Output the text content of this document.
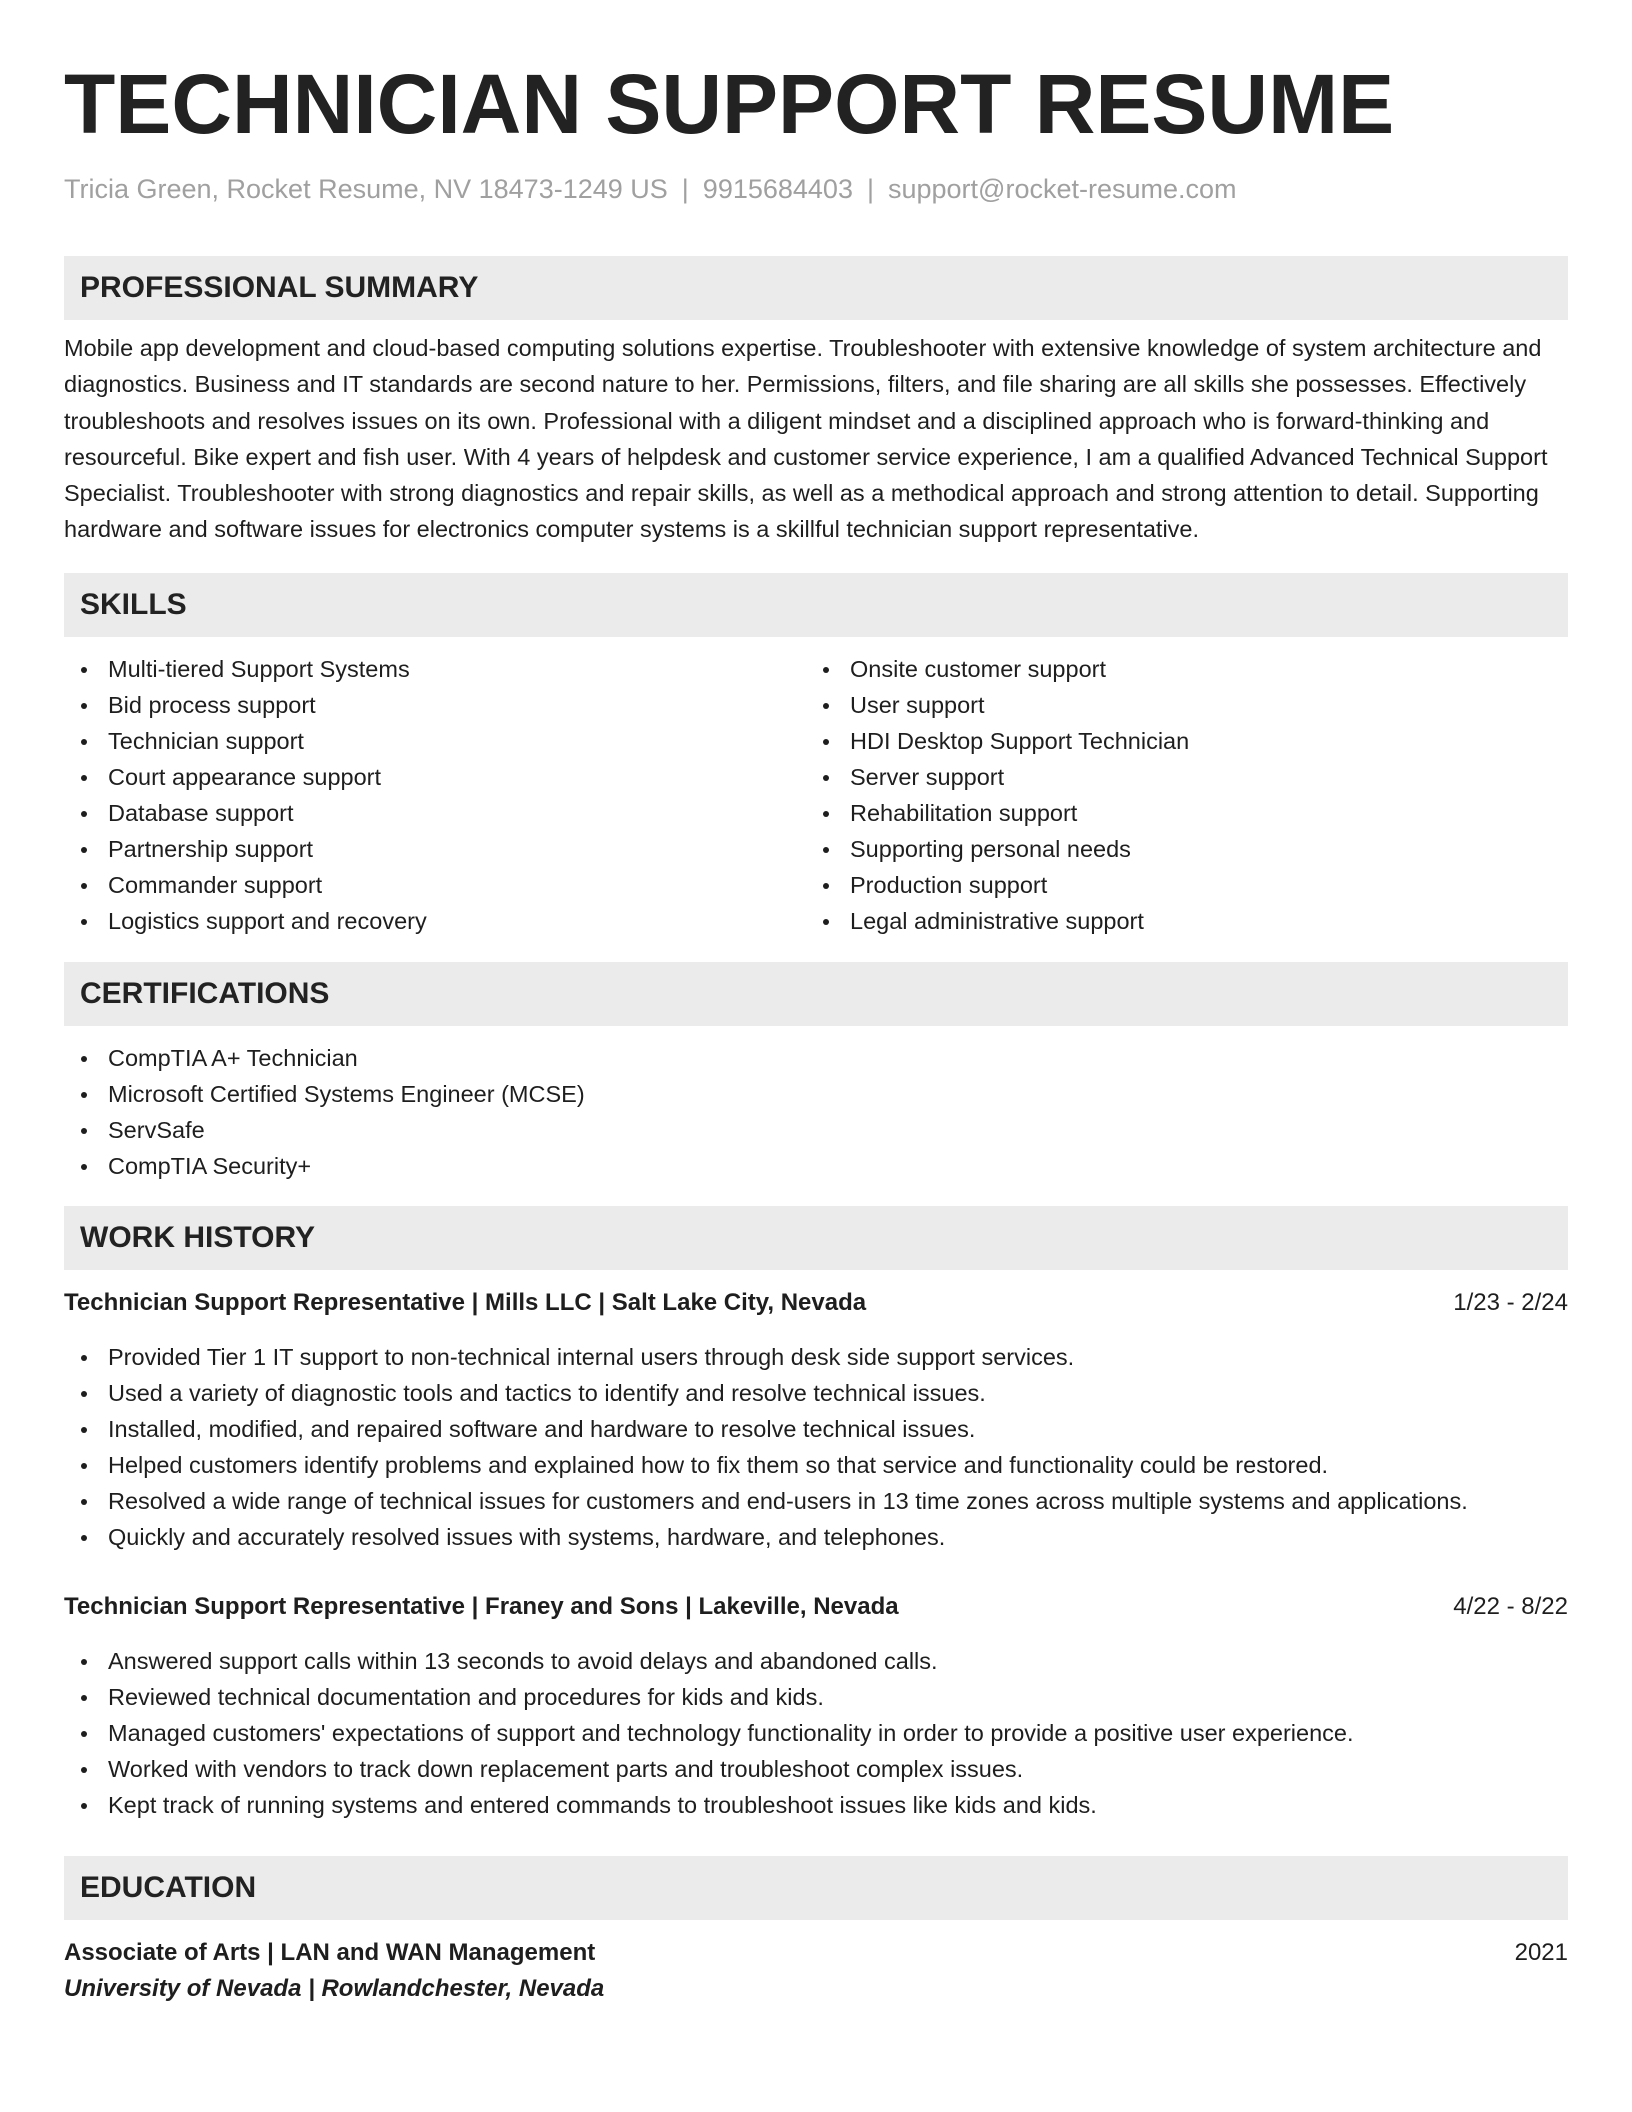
TECHNICIAN SUPPORT RESUME
Tricia Green, Rocket Resume, NV 18473-1249 US | 9915684403 | support@rocket-resume.com
PROFESSIONAL SUMMARY

Mobile app development and cloud-based computing solutions expertise. Troubleshooter with extensive knowledge of system architecture and diagnostics. Business and IT standards are second nature to her. Permissions, filters, and file sharing are all skills she possesses. Effectively troubleshoots and resolves issues on its own. Professional with a diligent mindset and a disciplined approach who is forward-thinking and resourceful. Bike expert and fish user. With 4 years of helpdesk and customer service experience, I am a qualified Advanced Technical Support Specialist. Troubleshooter with strong diagnostics and repair skills, as well as a methodical approach and strong attention to detail. Supporting hardware and software issues for electronics computer systems is a skillful technician support representative.

SKILLS
Multi-tiered Support Systems
Bid process support
Technician support
Court appearance support
Database support
Partnership support
Commander support
Logistics support and recovery
Onsite customer support
User support
HDI Desktop Support Technician
Server support
Rehabilitation support
Supporting personal needs
Production support
Legal administrative support
CERTIFICATIONS
CompTIA A+ Technician
Microsoft Certified Systems Engineer (MCSE)
ServSafe
CompTIA Security+
WORK HISTORY
Technician Support Representative | Mills LLC | Salt Lake City, Nevada	1/23 - 2/24
Provided Tier 1 IT support to non-technical internal users through desk side support services.
Used a variety of diagnostic tools and tactics to identify and resolve technical issues.
Installed, modified, and repaired software and hardware to resolve technical issues.
Helped customers identify problems and explained how to fix them so that service and functionality could be restored.
Resolved a wide range of technical issues for customers and end-users in 13 time zones across multiple systems and applications.
Quickly and accurately resolved issues with systems, hardware, and telephones.
Technician Support Representative | Franey and Sons | Lakeville, Nevada	4/22 - 8/22
Answered support calls within 13 seconds to avoid delays and abandoned calls.
Reviewed technical documentation and procedures for kids and kids.
Managed customers' expectations of support and technology functionality in order to provide a positive user experience.
Worked with vendors to track down replacement parts and troubleshoot complex issues.
Kept track of running systems and entered commands to troubleshoot issues like kids and kids.
EDUCATION
Associate of Arts | LAN and WAN Management	2021
University of Nevada | Rowlandchester, Nevada
